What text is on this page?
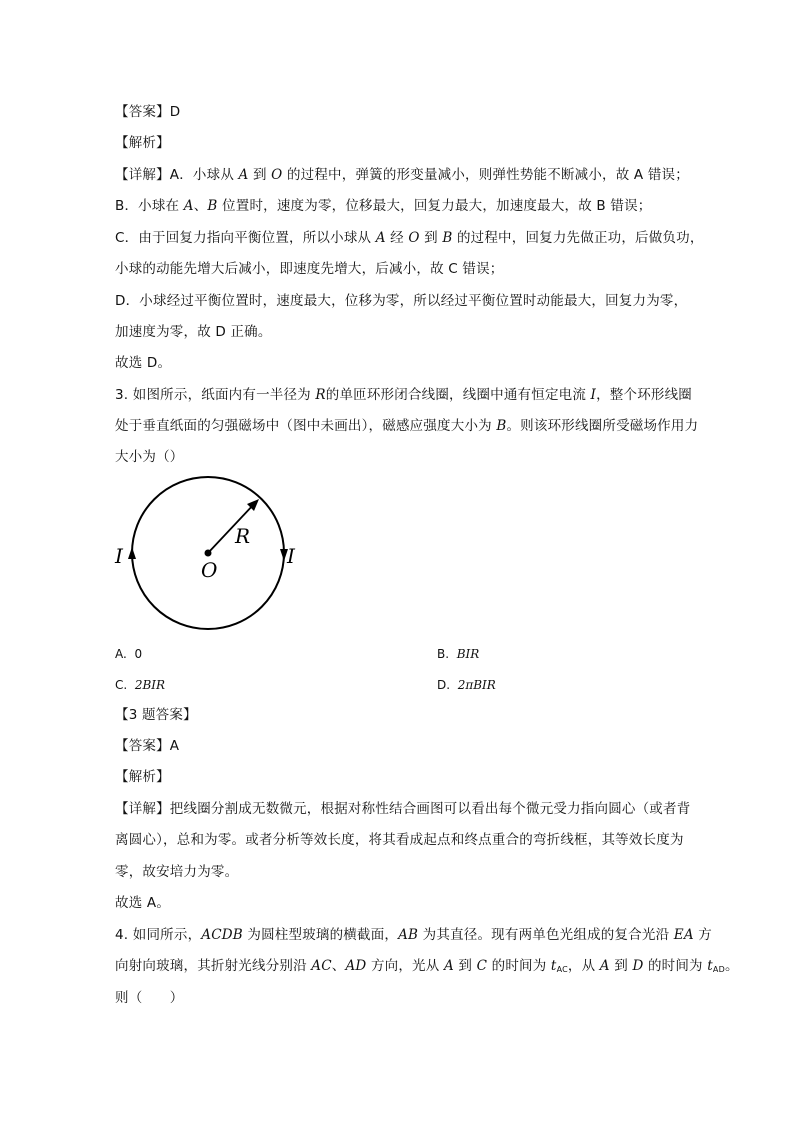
【答案】D
【解析】
【详解】A．小球从 A 到 O 的过程中，弹簧的形变量减小，则弹性势能不断减小，故 A 错误；
B．小球在 A、B 位置时，速度为零，位移最大，回复力最大，加速度最大，故 B 错误；
C．由于回复力指向平衡位置，所以小球从 A 经 O 到 B 的过程中，回复力先做正功，后做负功，
小球的动能先增大后减小，即速度先增大，后减小，故 C 错误；
D．小球经过平衡位置时，速度最大，位移为零，所以经过平衡位置时动能最大，回复力为零，
加速度为零，故 D 正确。
故选 D。
3. 如图所示，纸面内有一半径为 R的单匝环形闭合线圈，线圈中通有恒定电流 I，整个环形线圈
处于垂直纸面的匀强磁场中（图中未画出），磁感应强度大小为 B。则该环形线圈所受磁场作用力
大小为（）
I	I
R
O
A. 0	B. BIR
C. 2BIR	D. 2πBIR
【3 题答案】
【答案】A
【解析】
【详解】把线圈分割成无数微元，根据对称性结合画图可以看出每个微元受力指向圆心（或者背
离圆心），总和为零。或者分析等效长度，将其看成起点和终点重合的弯折线框，其等效长度为
零，故安培力为零。
故选 A。
4. 如同所示，ACDB 为圆柱型玻璃的横截面，AB 为其直径。现有两单色光组成的复合光沿 EA 方
向射向玻璃，其折射光线分别沿 AC、AD 方向，光从 A 到 C 的时间为 $t_{AC}$，从 A 到 D 的时间为 $t_{AD}$。
则（　　）
